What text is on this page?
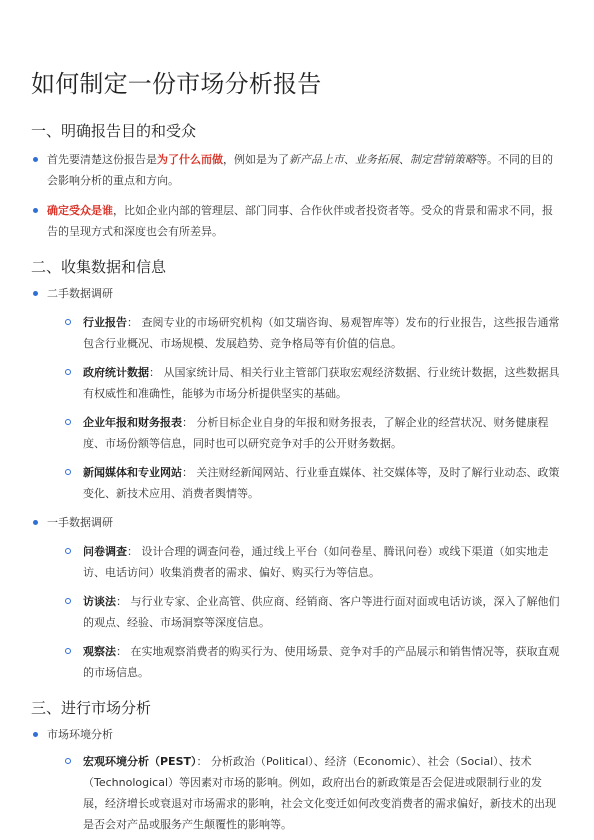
如何制定一份市场分析报告
一、明确报告目的和受众
首先要清楚这份报告是为了什么而做，例如是为了新产品上市、业务拓展、制定营销策略等。不同的目的会影响分析的重点和方向。
确定受众是谁，比如企业内部的管理层、部门同事、合作伙伴或者投资者等。受众的背景和需求不同，报告的呈现方式和深度也会有所差异。
二、收集数据和信息
二手数据调研
行业报告： 查阅专业的市场研究机构（如艾瑞咨询、易观智库等）发布的行业报告，这些报告通常包含行业概况、市场规模、发展趋势、竞争格局等有价值的信息。
政府统计数据： 从国家统计局、相关行业主管部门获取宏观经济数据、行业统计数据，这些数据具有权威性和准确性，能够为市场分析提供坚实的基础。
企业年报和财务报表： 分析目标企业自身的年报和财务报表，了解企业的经营状况、财务健康程度、市场份额等信息，同时也可以研究竞争对手的公开财务数据。
新闻媒体和专业网站： 关注财经新闻网站、行业垂直媒体、社交媒体等，及时了解行业动态、政策变化、新技术应用、消费者舆情等。
一手数据调研
问卷调查： 设计合理的调查问卷，通过线上平台（如问卷星、腾讯问卷）或线下渠道（如实地走访、电话访问）收集消费者的需求、偏好、购买行为等信息。
访谈法： 与行业专家、企业高管、供应商、经销商、客户等进行面对面或电话访谈，深入了解他们的观点、经验、市场洞察等深度信息。
观察法： 在实地观察消费者的购买行为、使用场景、竞争对手的产品展示和销售情况等，获取直观的市场信息。
三、进行市场分析
市场环境分析
宏观环境分析（PEST）： 分析政治（Political）、经济（Economic）、社会（Social）、技术（Technological）等因素对市场的影响。例如，政府出台的新政策是否会促进或限制行业的发展，经济增长或衰退对市场需求的影响，社会文化变迁如何改变消费者的需求偏好，新技术的出现是否会对产品或服务产生颠覆性的影响等。
